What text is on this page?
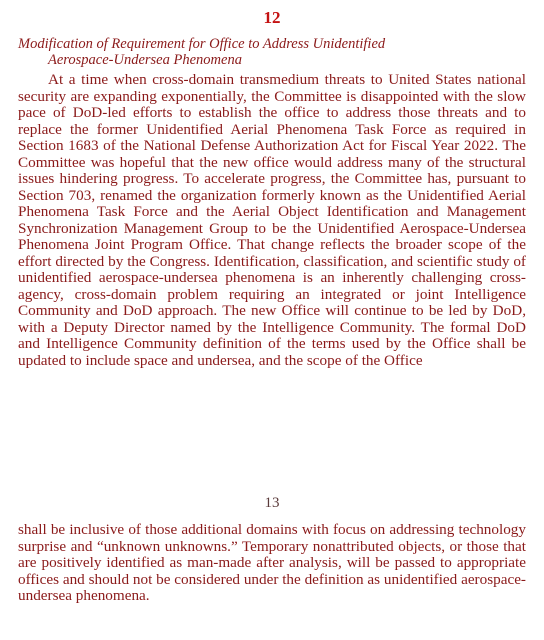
12
Modification of Requirement for Office to Address Unidentified
Aerospace-Undersea Phenomena

At a time when cross-domain transmedium threats to United States national security are expanding exponentially, the Committee is disappointed with the slow pace of DoD-led efforts to establish the office to address those threats and to replace the former Unidentified Aerial Phenomena Task Force as required in Section 1683 of the National Defense Authorization Act for Fiscal Year 2022. The Committee was hopeful that the new office would address many of the structural issues hindering progress. To accelerate progress, the Committee has, pursuant to Section 703, renamed the organization formerly known as the Unidentified Aerial Phenomena Task Force and the Aerial Object Identification and Management Synchronization Management Group to be the Unidentified Aerospace-Undersea Phenomena Joint Program Office. That change reflects the broader scope of the effort directed by the Congress. Identification, classification, and scientific study of unidentified aerospace-undersea phenomena is an inherently challenging cross-agency, cross-domain problem requiring an integrated or joint Intelligence Community and DoD approach. The new Office will continue to be led by DoD, with a Deputy Director named by the Intelligence Community. The formal DoD and Intelligence Community definition of the terms used by the Office shall be updated to include space and undersea, and the scope of the Office

13

shall be inclusive of those additional domains with focus on addressing technology surprise and “unknown unknowns.” Temporary nonattributed objects, or those that are positively identified as man-made after analysis, will be passed to appropriate offices and should not be considered under the definition as unidentified aerospace-undersea phenomena.
